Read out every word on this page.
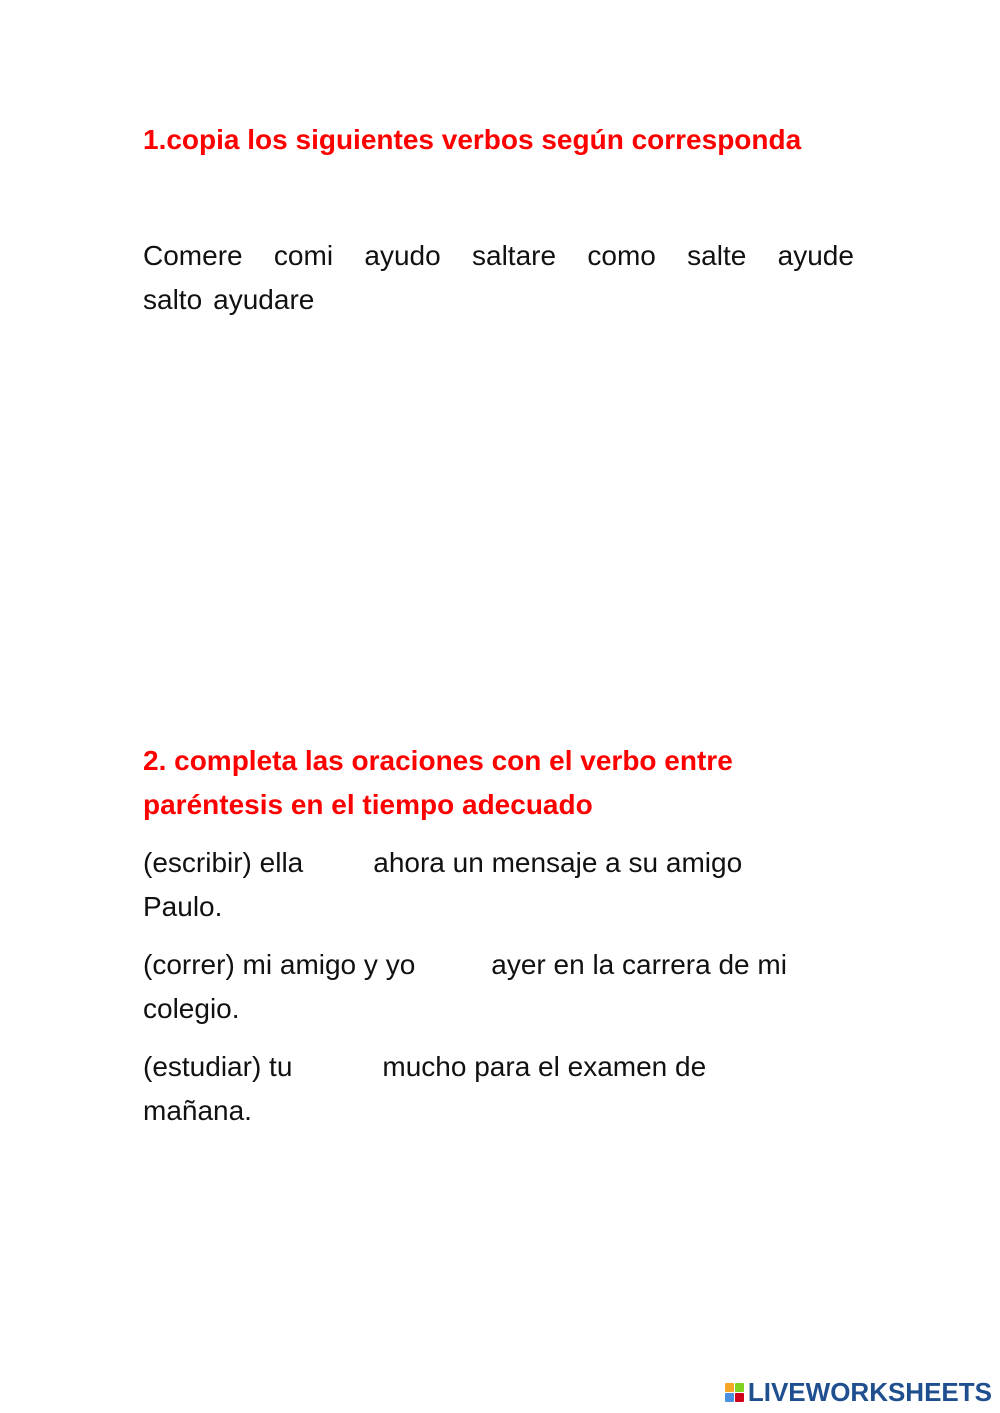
1.copia los siguientes verbos según corresponda
Comere comi ayudo saltare como salte ayude
salto ayudare
2. completa las oraciones con el verbo entre
paréntesis en el tiempo adecuado
(escribir) ella	ahora un mensaje a su amigo
Paulo.
(correr) mi amigo y yo	ayer en la carrera de mi
colegio.
(estudiar) tu	mucho para el examen de
mañana.
LIVEWORKSHEETS
